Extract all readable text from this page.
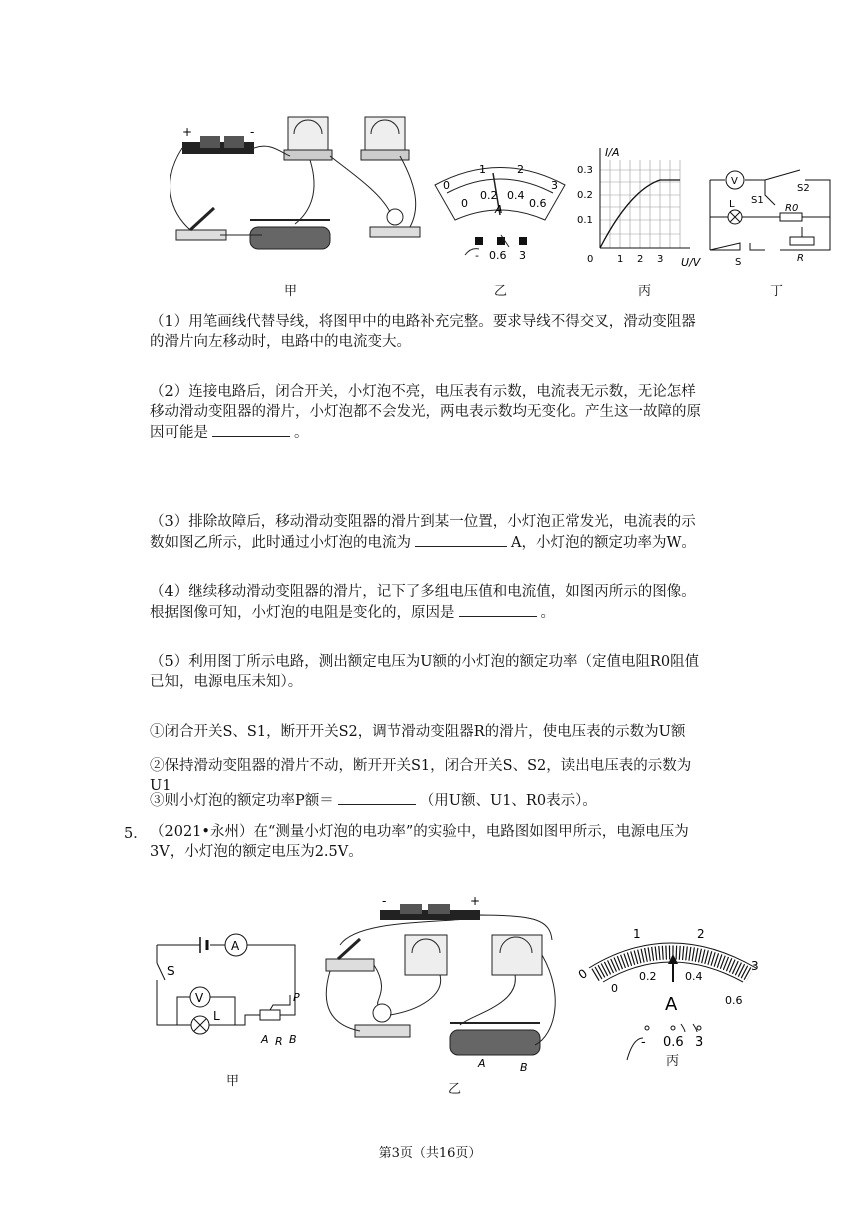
+	-
甲
0
1	2
3
0
0.2 0.4
0.6
A
- 0.6 3
乙
I/A
U/V
0.3
0.2
0.1
0 1 2 3
丙
V
L S1
S2
R0
S	R
丁
（1）用笔画线代替导线，将图甲中的电路补充完整。要求导线不得交叉，滑动变阻器的滑片向左移动时，电路中的电流变大。
（2）连接电路后，闭合开关，小灯泡不亮，电压表有示数，电流表无示数，无论怎样移动滑动变阻器的滑片，小灯泡都不会发光，两电表示数均无变化。产生这一故障的原因可能是	。
（3）排除故障后，移动滑动变阻器的滑片到某一位置，小灯泡正常发光，电流表的示数如图乙所示，此时通过小灯泡的电流为	A，小灯泡的额定功率为W。
（4）继续移动滑动变阻器的滑片，记下了多组电压值和电流值，如图丙所示的图像。根据图像可知，小灯泡的电阻是变化的，原因是	。
（5）利用图丁所示电路，测出额定电压为U额的小灯泡的额定功率（定值电阻R0阻值已知，电源电压未知）。
①闭合开关S、S1，断开开关S2，调节滑动变阻器R的滑片，使电压表的示数为U额
②保持滑动变阻器的滑片不动，断开开关S1，闭合开关S、S2，读出电压表的示数为U1
③则小灯泡的额定功率P额＝	（用U额、U1、R0表示）。
5． （2021•永州）在“测量小灯泡的电功率”的实验中，电路图如图甲所示，电源电压为3V，小灯泡的额定电压为2.5V。
A
S
V
L
P
A R B
甲
-	+
A	B
乙
0
1	2
3
0
0.2	0.4
0.6
A
- 0.6 3
丙
第3页（共16页）
